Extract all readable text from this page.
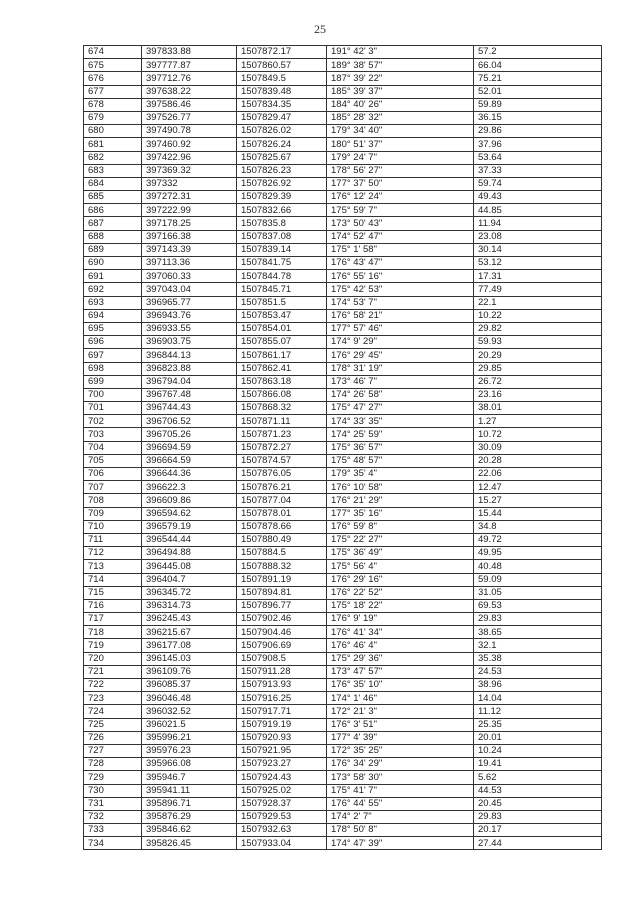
25
674	397833.88	1507872.17	191° 42' 3"	57.2
675	397777.87	1507860.57	189° 38' 57"	66.04
676	397712.76	1507849.5	187° 39' 22"	75.21
677	397638.22	1507839.48	185° 39' 37"	52.01
678	397586.46	1507834.35	184° 40' 26"	59.89
679	397526.77	1507829.47	185° 28' 32"	36.15
680	397490.78	1507826.02	179° 34' 40"	29.86
681	397460.92	1507826.24	180° 51' 37"	37.96
682	397422.96	1507825.67	179° 24' 7"	53.64
683	397369.32	1507826.23	178° 56' 27"	37.33
684	397332	1507826.92	177° 37' 50"	59.74
685	397272.31	1507829.39	176° 12' 24"	49.43
686	397222.99	1507832.66	175° 59' 7"	44.85
687	397178.25	1507835.8	173° 50' 43"	11.94
688	397166.38	1507837.08	174° 52' 47"	23.08
689	397143.39	1507839.14	175° 1' 58"	30.14
690	397113.36	1507841.75	176° 43' 47"	53.12
691	397060.33	1507844.78	176° 55' 16"	17.31
692	397043.04	1507845.71	175° 42' 53"	77.49
693	396965.77	1507851.5	174° 53' 7"	22.1
694	396943.76	1507853.47	176° 58' 21"	10.22
695	396933.55	1507854.01	177° 57' 46"	29.82
696	396903.75	1507855.07	174° 9' 29"	59.93
697	396844.13	1507861.17	176° 29' 45"	20.29
698	396823.88	1507862.41	178° 31' 19"	29.85
699	396794.04	1507863.18	173° 46' 7"	26.72
700	396767.48	1507866.08	174° 26' 58"	23.16
701	396744.43	1507868.32	175° 47' 27"	38.01
702	396706.52	1507871.11	174° 33' 35"	1.27
703	396705.26	1507871.23	174° 25' 59"	10.72
704	396694.59	1507872.27	175° 36' 57"	30.09
705	396664.59	1507874.57	175° 48' 57"	20.28
706	396644.36	1507876.05	179° 35' 4"	22.06
707	396622.3	1507876.21	176° 10' 58"	12.47
708	396609.86	1507877.04	176° 21' 29"	15.27
709	396594.62	1507878.01	177° 35' 16"	15.44
710	396579.19	1507878.66	176° 59' 8"	34.8
711	396544.44	1507880.49	175° 22' 27"	49.72
712	396494.88	1507884.5	175° 36' 49"	49.95
713	396445.08	1507888.32	175° 56' 4"	40.48
714	396404.7	1507891.19	176° 29' 16"	59.09
715	396345.72	1507894.81	176° 22' 52"	31.05
716	396314.73	1507896.77	175° 18' 22"	69.53
717	396245.43	1507902.46	176° 9' 19"	29.83
718	396215.67	1507904.46	176° 41' 34"	38.65
719	396177.08	1507906.69	176° 46' 4"	32.1
720	396145.03	1507908.5	175° 29' 36"	35.38
721	396109.76	1507911.28	173° 47' 57"	24.53
722	396085.37	1507913.93	176° 35' 10"	38.96
723	396046.48	1507916.25	174° 1' 46"	14.04
724	396032.52	1507917.71	172° 21' 3"	11.12
725	396021.5	1507919.19	176° 3' 51"	25.35
726	395996.21	1507920.93	177° 4' 39"	20.01
727	395976.23	1507921.95	172° 35' 25"	10.24
728	395966.08	1507923.27	176° 34' 29"	19.41
729	395946.7	1507924.43	173° 58' 30"	5.62
730	395941.11	1507925.02	175° 41' 7"	44.53
731	395896.71	1507928.37	176° 44' 55"	20.45
732	395876.29	1507929.53	174° 2' 7"	29.83
733	395846.62	1507932.63	178° 50' 8"	20.17
734	395826.45	1507933.04	174° 47' 39"	27.44
